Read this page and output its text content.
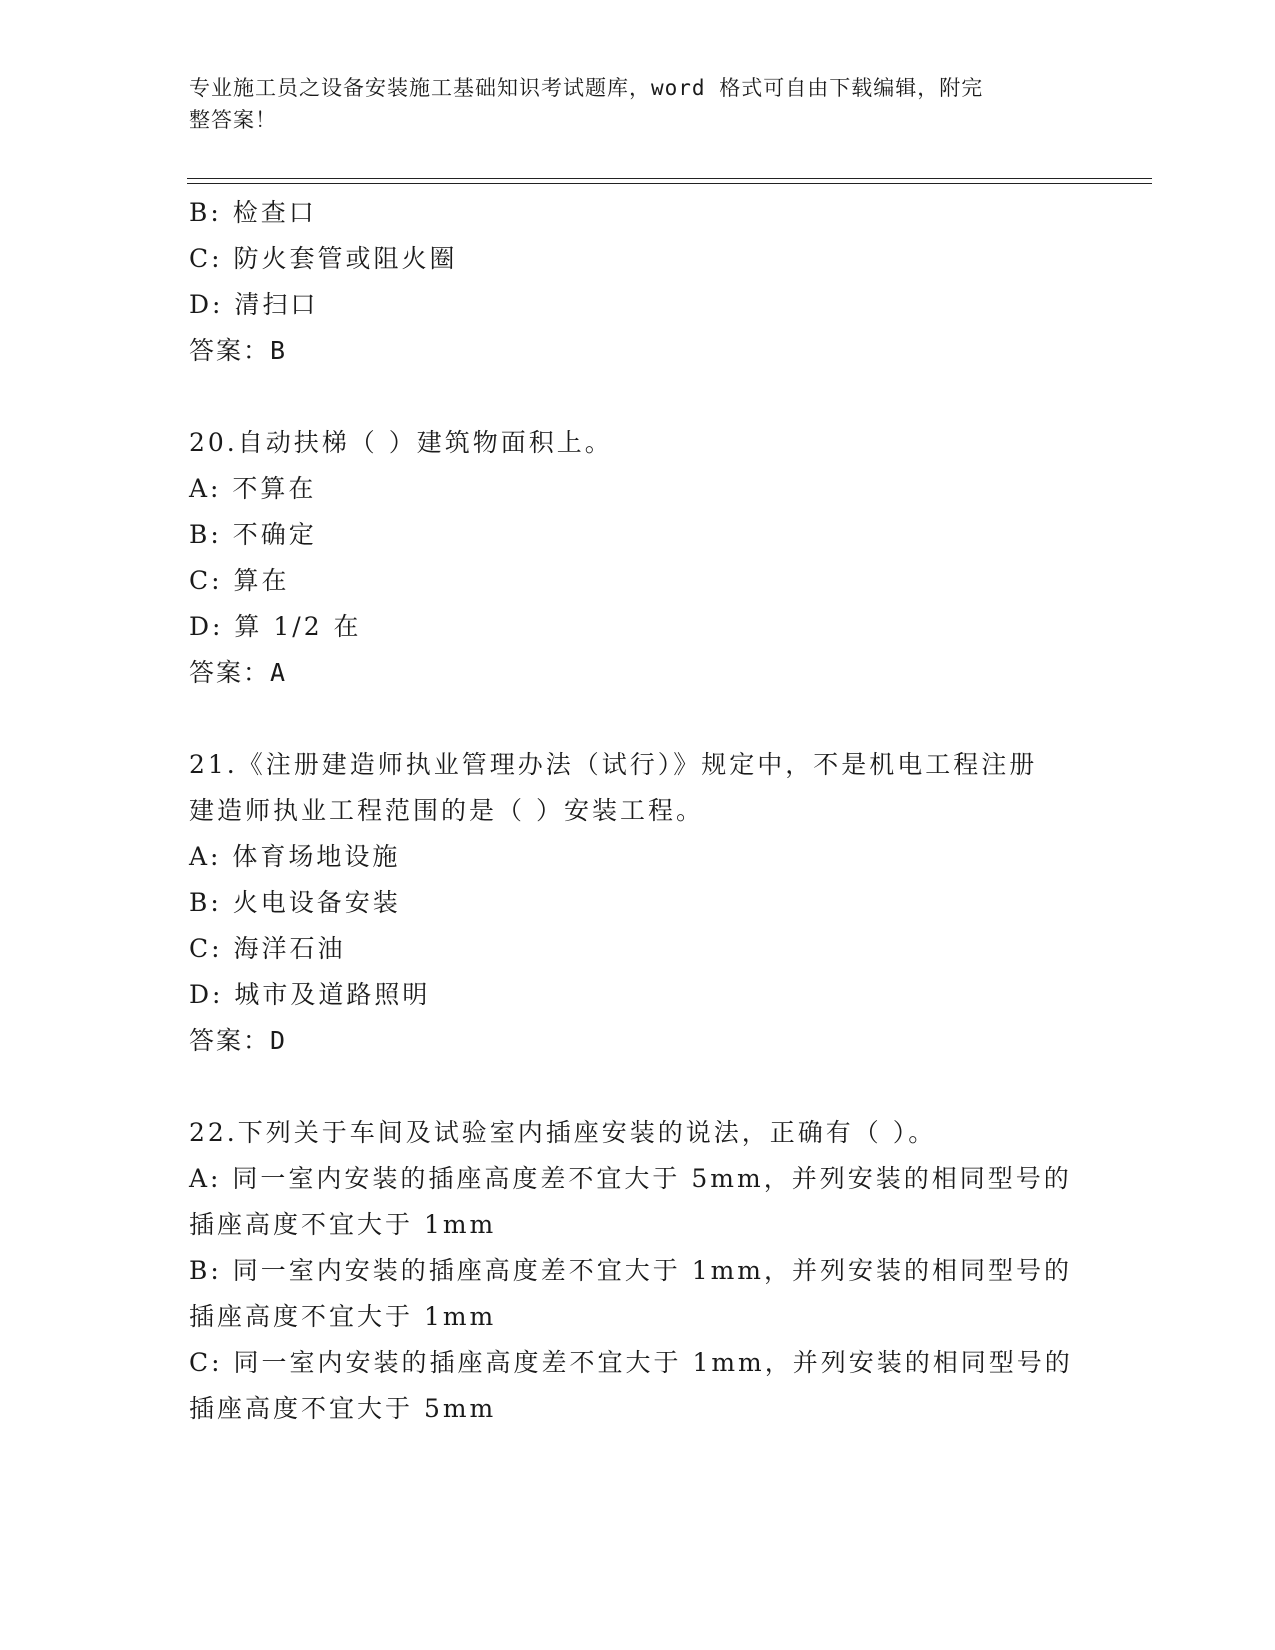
专业施工员之设备安装施工基础知识考试题库，word 格式可自由下载编辑，附完
整答案！
B: 检查口
C: 防火套管或阻火圈
D: 清扫口
答案：B
20.自动扶梯（ ）建筑物面积上。
A: 不算在
B: 不确定
C: 算在
D: 算 1/2 在
答案：A
21.《注册建造师执业管理办法（试行）》规定中，不是机电工程注册
建造师执业工程范围的是（ ）安装工程。
A: 体育场地设施
B: 火电设备安装
C: 海洋石油
D: 城市及道路照明
答案：D
22.下列关于车间及试验室内插座安装的说法，正确有（ ）。
A: 同一室内安装的插座高度差不宜大于 5mm，并列安装的相同型号的
插座高度不宜大于 1mm
B: 同一室内安装的插座高度差不宜大于 1mm，并列安装的相同型号的
插座高度不宜大于 1mm
C: 同一室内安装的插座高度差不宜大于 1mm，并列安装的相同型号的
插座高度不宜大于 5mm
